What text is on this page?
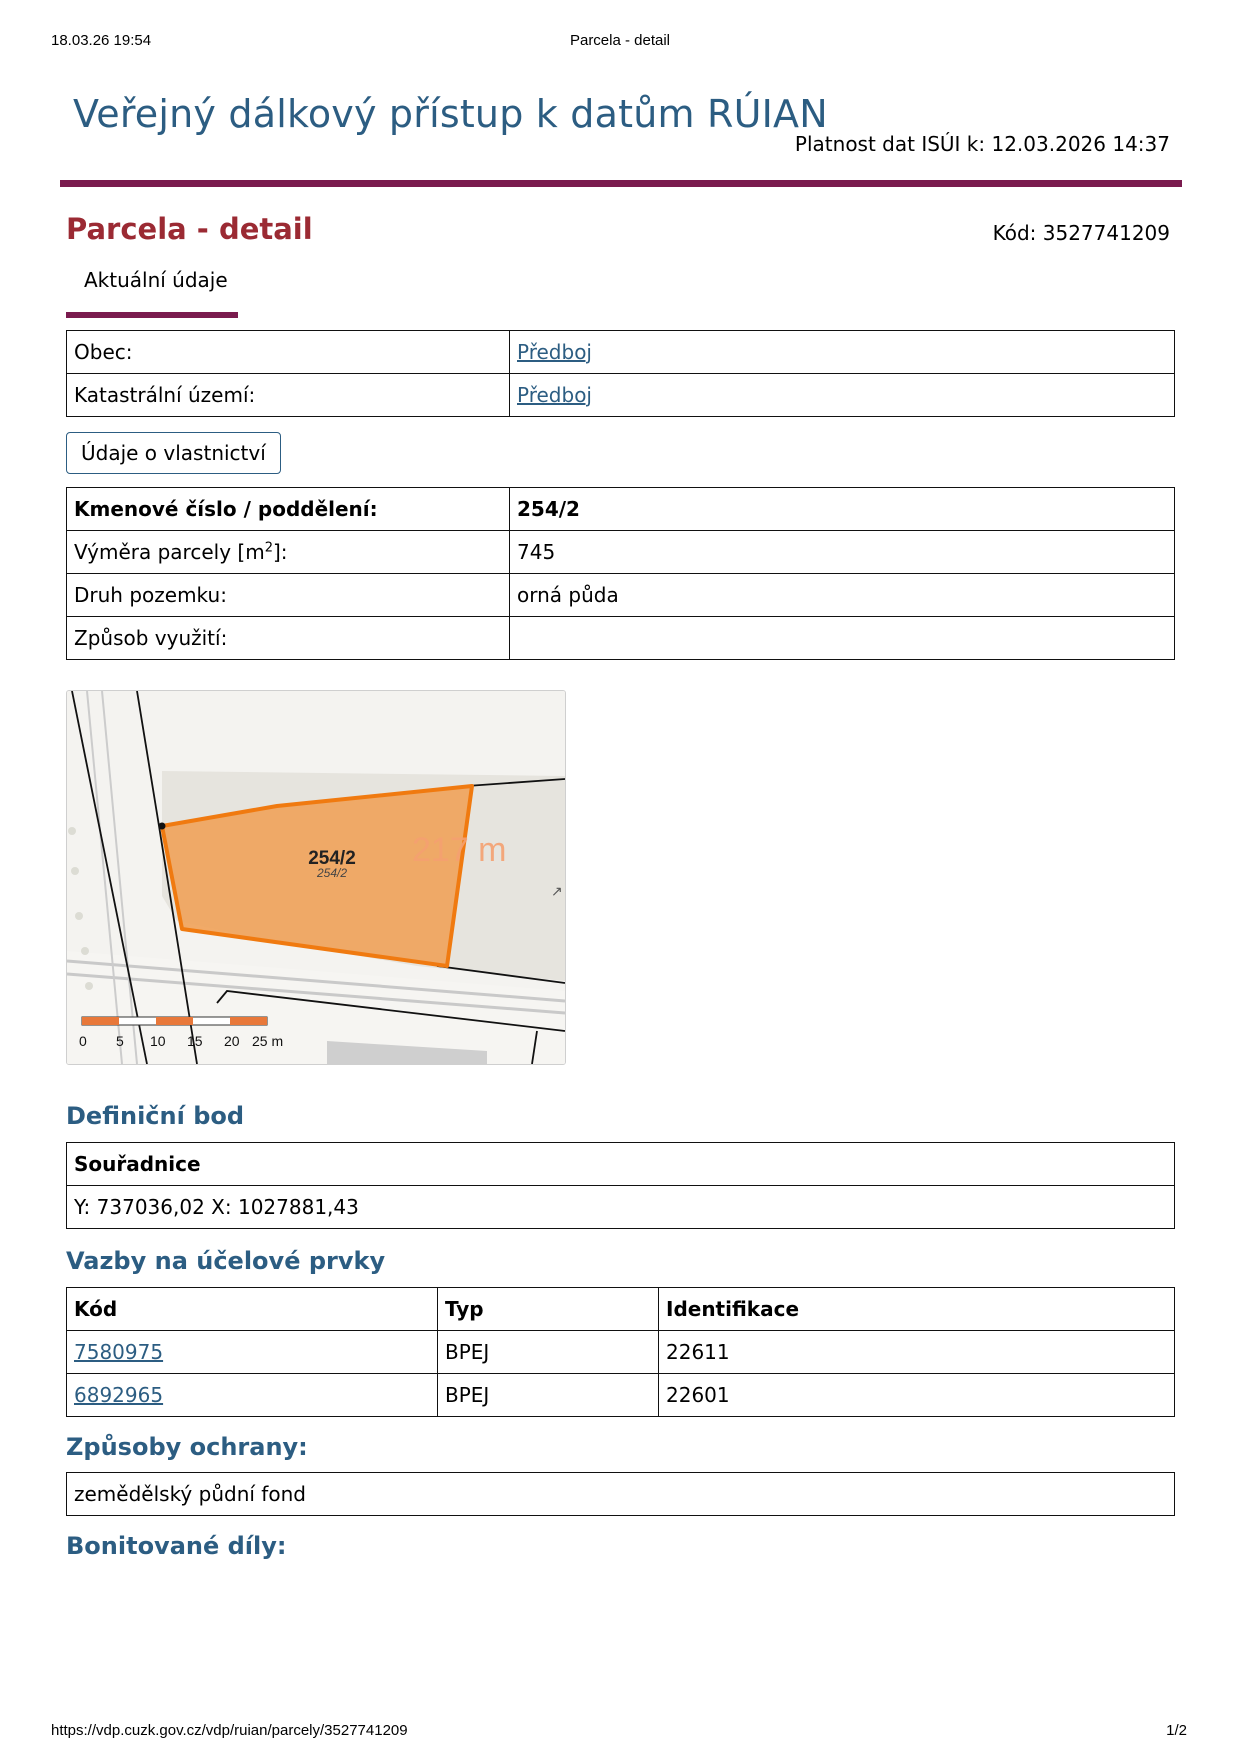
18.03.26 19:54	Parcela - detail
Veřejný dálkový přístup k datům RÚIAN
Platnost dat ISÚI k: 12.03.2026 14:37
Parcela - detail	Kód: 3527741209
Aktuální údaje
Obec:	Předboj
Katastrální území:	Předboj
Údaje o vlastnictví
Kmenové číslo / poddělení:	254/2
Výměra parcely $[m^2]$:	745
Druh pozemku:	orná půda
Způsob využití:	
254/2
254/2
217 m
↗
0 5 10 15 20 25 m
Definiční bod
Souřadnice
Y: 737036,02 X: 1027881,43
Vazby na účelové prvky
Kód	Typ	Identifikace
7580975	BPEJ	22611
6892965	BPEJ	22601
Způsoby ochrany:
zemědělský půdní fond
Bonitované díly:
https://vdp.cuzk.gov.cz/vdp/ruian/parcely/3527741209	1/2
